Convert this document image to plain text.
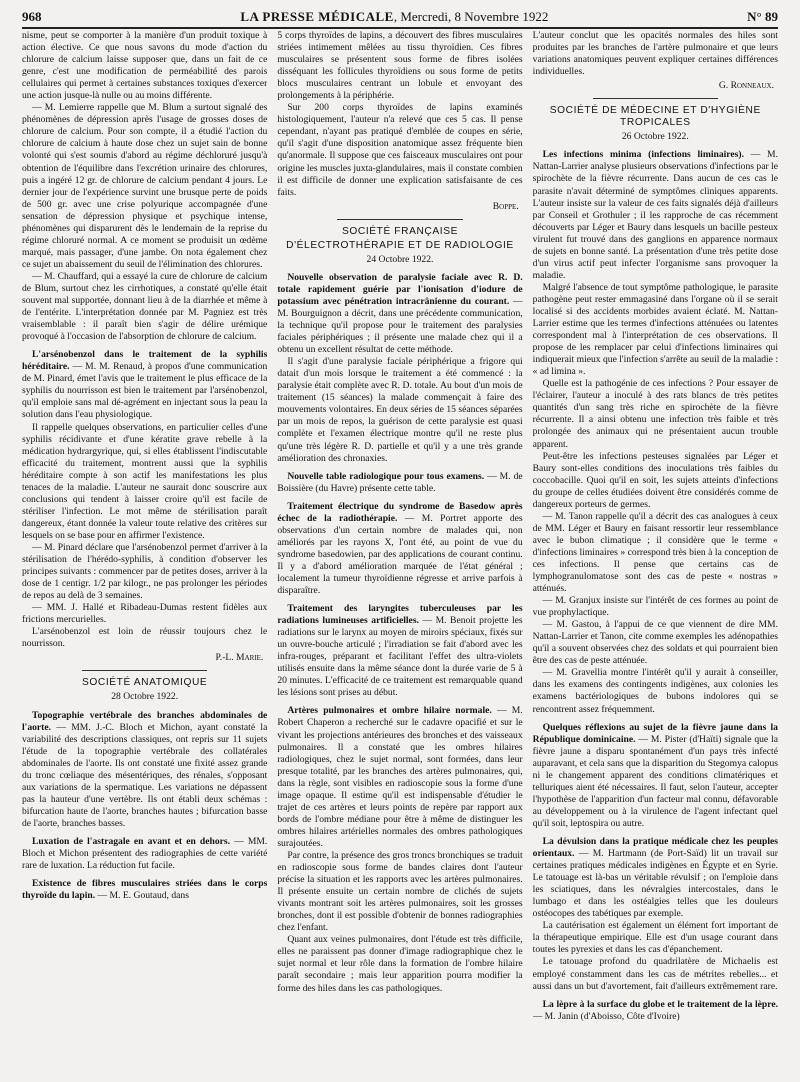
968	LA PRESSE MÉDICALE, Mercredi, 8 Novembre 1922	N° 89

nisme, peut se comporter à la manière d'un produit toxique à action élective. Ce que nous savons du mode d'action du chlorure de calcium laisse supposer que, dans un fait de ce genre, c'est une modification de perméabilité des parois cellulaires qui permet à certaines substances toxiques d'exercer une action jusque-là nulle ou au moins différente.

— M. Lemierre rappelle que M. Blum a surtout signalé des phénomènes de dépression après l'usage de grosses doses de chlorure de calcium. Pour son compte, il a étudié l'action du chlorure de calcium à haute dose chez un sujet sain de bonne volonté qui s'est soumis d'abord au régime déchloruré jusqu'à obtention de l'équilibre dans l'excrétion urinaire des chlorures, puis a ingéré 12 gr. de chlorure de calcium pendant 4 jours. Le dernier jour de l'expérience survint une brusque perte de poids de 500 gr. avec une crise polyurique accompagnée d'une sensation de dépression physique et psychique intense, phénomènes qui disparurent dès le lendemain de la reprise du régime chloruré normal. A ce moment se produisit un œdème marqué, mais passager, d'une jambe. On nota également chez ce sujet un abaissement du seuil de l'élimination des chlorures.

— M. Chauffard, qui a essayé la cure de chlorure de calcium de Blum, surtout chez les cirrhotiques, a constaté qu'elle était souvent mal supportée, donnant lieu à de la diarrhée et même à de l'entérite. L'interprétation donnée par M. Pagniez est très vraisemblable : il paraît bien s'agir de délire urémique provoqué à l'occasion de l'absorption de chlorure de calcium.

L'arsénobenzol dans le traitement de la syphilis héréditaire. — M. M. Renaud, à propos d'une communication de M. Pinard, émet l'avis que le traitement le plus efficace de la syphilis du nourrisson est bien le traitement par l'arsénobenzol, qu'il emploie sans mal dé-agrément en injectant sous la peau la solution dans l'eau physiologique.

Il rappelle quelques observations, en particulier celles d'une syphilis récidivante et d'une kératite grave rebelle à la médication hydrargyrique, qui, si elles établissent l'indiscutable efficacité du traitement, montrent aussi que la syphilis héréditaire compte à son actif les manifestations les plus tenaces de la maladie. L'auteur ne saurait donc souscrire aux conclusions qui tendent à laisser croire qu'il est facile de stériliser l'infection. Le mot même de stérilisation paraît dangereux, étant donnée la valeur toute relative des critères sur lesquels on se base pour en affirmer l'existence.

— M. Pinard déclare que l'arsénobenzol permet d'arriver à la stérilisation de l'hérédo-syphilis, à condition d'observer les principes suivants : commencer par de petites doses, arriver à la dose de 1 centigr. 1/2 par kilogr., ne pas prolonger les périodes de repos au delà de 3 semaines.

— MM. J. Hallé et Ribadeau-Dumas restent fidèles aux frictions mercurielles.

L'arsénobenzol est loin de réussir toujours chez le nourrisson.

P.-L. Marie.
SOCIÉTÉ ANATOMIQUE
28 Octobre 1922.

Topographie vertébrale des branches abdominales de l'aorte. — MM. J.-C. Bloch et Michon, ayant constaté la variabilité des descriptions classiques, ont repris sur 11 sujets l'étude de la topographie vertébrale des collatérales abdominales de l'aorte. Ils ont constaté une fixité assez grande du tronc cœliaque des mésentériques, des rénales, s'opposant aux variations de la spermatique. Les variations ne dépassent pas la hauteur d'une vertèbre. Ils ont établi deux schémas : bifurcation haute de l'aorte, branches hautes ; bifurcation basse de l'aorte, branches basses.

Luxation de l'astragale en avant et en dehors. — MM. Bloch et Michon présentent des radiographies de cette variété rare de luxation. La réduction fut facile.

Existence de fibres musculaires striées dans le corps thyroïde du lapin. — M. E. Goutaud, dans

5 corps thyroïdes de lapins, a découvert des fibres musculaires striées intimement mêlées au tissu thyroïdien. Ces fibres musculaires se présentent sous forme de fibres isolées disséquant les follicules thyroïdiens ou sous forme de petits blocs musculaires centrant un lobule et envoyant des prolongements à la périphérie.

Sur 200 corps thyroïdes de lapins examinés histologiquement, l'auteur n'a relevé que ces 5 cas. Il pense cependant, n'ayant pas pratiqué d'emblée de coupes en série, qu'il s'agit d'une disposition anatomique assez fréquente bien qu'anormale. Il suppose que ces faisceaux musculaires ont pour origine les muscles juxta-glandulaires, mais il constate combien il est difficile de donner une explication satisfaisante de ces faits.

Boppe.
SOCIÉTÉ FRANÇAISE
D'ÉLECTROTHÉRAPIE ET DE RADIOLOGIE
24 Octobre 1922.

Nouvelle observation de paralysie faciale avec R. D. totale rapidement guérie par l'ionisation d'iodure de potassium avec pénétration intracrânienne du courant. — M. Bourguignon a décrit, dans une précédente communication, la technique qu'il propose pour le traitement des paralysies faciales périphériques ; il présente une malade chez qui il a obtenu un excellent résultat de cette méthode.

Il s'agit d'une paralysie faciale périphérique a frigore qui datait d'un mois lorsque le traitement a été commencé : la paralysie était complète avec R. D. totale. Au bout d'un mois de traitement (15 séances) la malade commençait à faire des mouvements volontaires. En deux séries de 15 séances séparées par un mois de repos, la guérison de cette paralysie est quasi complète et l'examen électrique montre qu'il ne reste plus qu'une très légère R. D. partielle et qu'il y a une très grande amélioration des chronaxies.

Nouvelle table radiologique pour tous examens. — M. de Boissière (du Havre) présente cette table.

Traitement électrique du syndrome de Basedow après échec de la radiothérapie. — M. Portret apporte des observations d'un certain nombre de malades qui, non améliorés par les rayons X, l'ont été, au point de vue du syndrome basedowien, par des applications de courant continu. Il y a d'abord amélioration marquée de l'état général ; localement la tumeur thyroïdienne régresse et arrive parfois à disparaître.

Traitement des laryngites tuberculeuses par les radiations lumineuses artificielles. — M. Benoit projette les radiations sur le larynx au moyen de miroirs spéciaux, fixés sur un ouvre-bouche articulé ; l'irradiation se fait d'abord avec les infra-rouges, préparant et facilitant l'effet des ultra-violets utilisés ensuite dans la même séance dont la durée varie de 5 à 20 minutes. L'efficacité de ce traitement est remarquable quand les lésions sont prises au début.

Artères pulmonaires et ombre hilaire normale. — M. Robert Chaperon a recherché sur le cadavre opacifié et sur le vivant les projections antérieures des bronches et des vaisseaux pulmonaires. Il a constaté que les ombres hilaires radiologiques, chez le sujet normal, sont formées, dans leur presque totalité, par les branches des artères pulmonaires, qui, dans la règle, sont visibles en radioscopie sous la forme d'une image opaque. Il estime qu'il est indispensable d'étudier le trajet de ces artères et leurs points de repère par rapport aux bords de l'ombre médiane pour être à même de distinguer les ombres hilaires artérielles normales des ombres pathologiques surajoutées.

Par contre, la présence des gros troncs bronchiques se traduit en radioscopie sous forme de bandes claires dont l'auteur précise la situation et les rapports avec les artères pulmonaires. Il présente ensuite un certain nombre de clichés de sujets vivants montrant soit les artères pulmonaires, soit les grosses bronches, dont il est possible d'obtenir de bonnes radiographies chez l'enfant.

Quant aux veines pulmonaires, dont l'étude est très difficile, elles ne paraissent pas donner d'image radiographique chez le sujet normal et leur rôle dans la formation de l'ombre hilaire paraît secondaire ; mais leur apparition pourra modifier la forme des hiles dans les cas pathologiques.

L'auteur conclut que les opacités normales des hiles sont produites par les branches de l'artère pulmonaire et que leurs variations anatomiques peuvent expliquer certaines différences individuelles.

G. Ronneaux.
SOCIÉTÉ DE MÉDECINE ET D'HYGIÈNE TROPICALES
26 Octobre 1922.

Les infections minima (infections liminaires). — M. Nattan-Larrier analyse plusieurs observations d'infections par le spirochète de la fièvre récurrente. Dans aucun de ces cas le parasite n'avait déterminé de symptômes cliniques apparents. L'auteur insiste sur la valeur de ces faits signalés déjà d'ailleurs par Conseil et Grothuler ; il les rapproche de cas récemment découverts par Léger et Baury dans lesquels un bacille pesteux virulent fut trouvé dans des ganglions en apparence normaux de sujets en bonne santé. La présentation d'une très petite dose d'un virus actif peut infecter l'organisme sans provoquer la maladie.

Malgré l'absence de tout symptôme pathologique, le parasite pathogène peut rester emmagasiné dans l'organe où il se serait localisé si des accidents morbides avaient éclaté. M. Nattan-Larrier estime que les termes d'infections atténuées ou latentes correspondent mal à l'interprétation de ces observations. Il propose de les remplacer par celui d'infections liminaires qui indiquerait mieux que l'infection s'arrête au seuil de la maladie : « ad limina ».

Quelle est la pathogénie de ces infections ? Pour essayer de l'éclairer, l'auteur a inoculé à des rats blancs de très petites quantités d'un sang très riche en spirochète de la fièvre récurrente. Il a ainsi obtenu une infection très faible et très prolongée des animaux qui ne présentaient aucun trouble apparent.

Peut-être les infections pesteuses signalées par Léger et Baury sont-elles conditions des inoculations très faibles du coccobacille. Quoi qu'il en soit, les sujets atteints d'infections du groupe de celles étudiées doivent être considérés comme de dangereux porteurs de germes.

— M. Tanon rappelle qu'il a décrit des cas analogues à ceux de MM. Léger et Baury en faisant ressortir leur ressemblance avec le bubon climatique ; il considère que le terme « d'infections liminaires » correspond très bien à la conception de ces infections. Il pense que certains cas de lymphogranulomatose sont des cas de peste « nostras » atténués.

— M. Granjux insiste sur l'intérêt de ces formes au point de vue prophylactique.

— M. Gastou, à l'appui de ce que viennent de dire MM. Nattan-Larrier et Tanon, cite comme exemples les adénopathies qu'il a souvent observées chez des soldats et qui pourraient bien être des cas de peste atténuée.

— M. Gravellia montre l'intérêt qu'il y aurait à conseiller, dans les examens des contingents indigènes, aux colonies les examens bactériologiques de bubons indolores qui se rencontrent assez fréquemment.

Quelques réflexions au sujet de la fièvre jaune dans la République dominicaine. — M. Pister (d'Haïti) signale que la fièvre jaune a disparu spontanément d'un pays très infecté auparavant, et cela sans que la disparition du Stegomya calopus ni le changement apparent des conditions climatériques et telluriques aient été nécessaires. Il faut, selon l'auteur, accepter l'hypothèse de l'apparition d'un facteur mal connu, défavorable au développement ou à la virulence de l'agent infectant quel qu'il soit, leptospira ou autre.

La dévulsion dans la pratique médicale chez les peuples orientaux. — M. Hartmann (de Port-Saïd) lit un travail sur certaines pratiques médicales indigènes en Égypte et en Syrie. Le tatouage est là-bas un véritable révulsif ; on l'emploie dans les sciatiques, dans les névralgies intercostales, dans le lumbago et dans les ostéalgies telles que les douleurs ostéocopes des tabétiques par exemple.

La cautérisation est également un élément fort important de la thérapeutique empirique. Elle est d'un usage courant dans toutes les pyrexies et dans les cas d'épanchement.

Le tatouage profond du quadrilatère de Michaelis est employé constamment dans les cas de métrites rebelles... et aussi dans un but d'avortement, fait d'ailleurs extrêmement rare.

La lèpre à la surface du globe et le traitement de la lèpre. — M. Janin (d'Aboisso, Côte d'Ivoire)
